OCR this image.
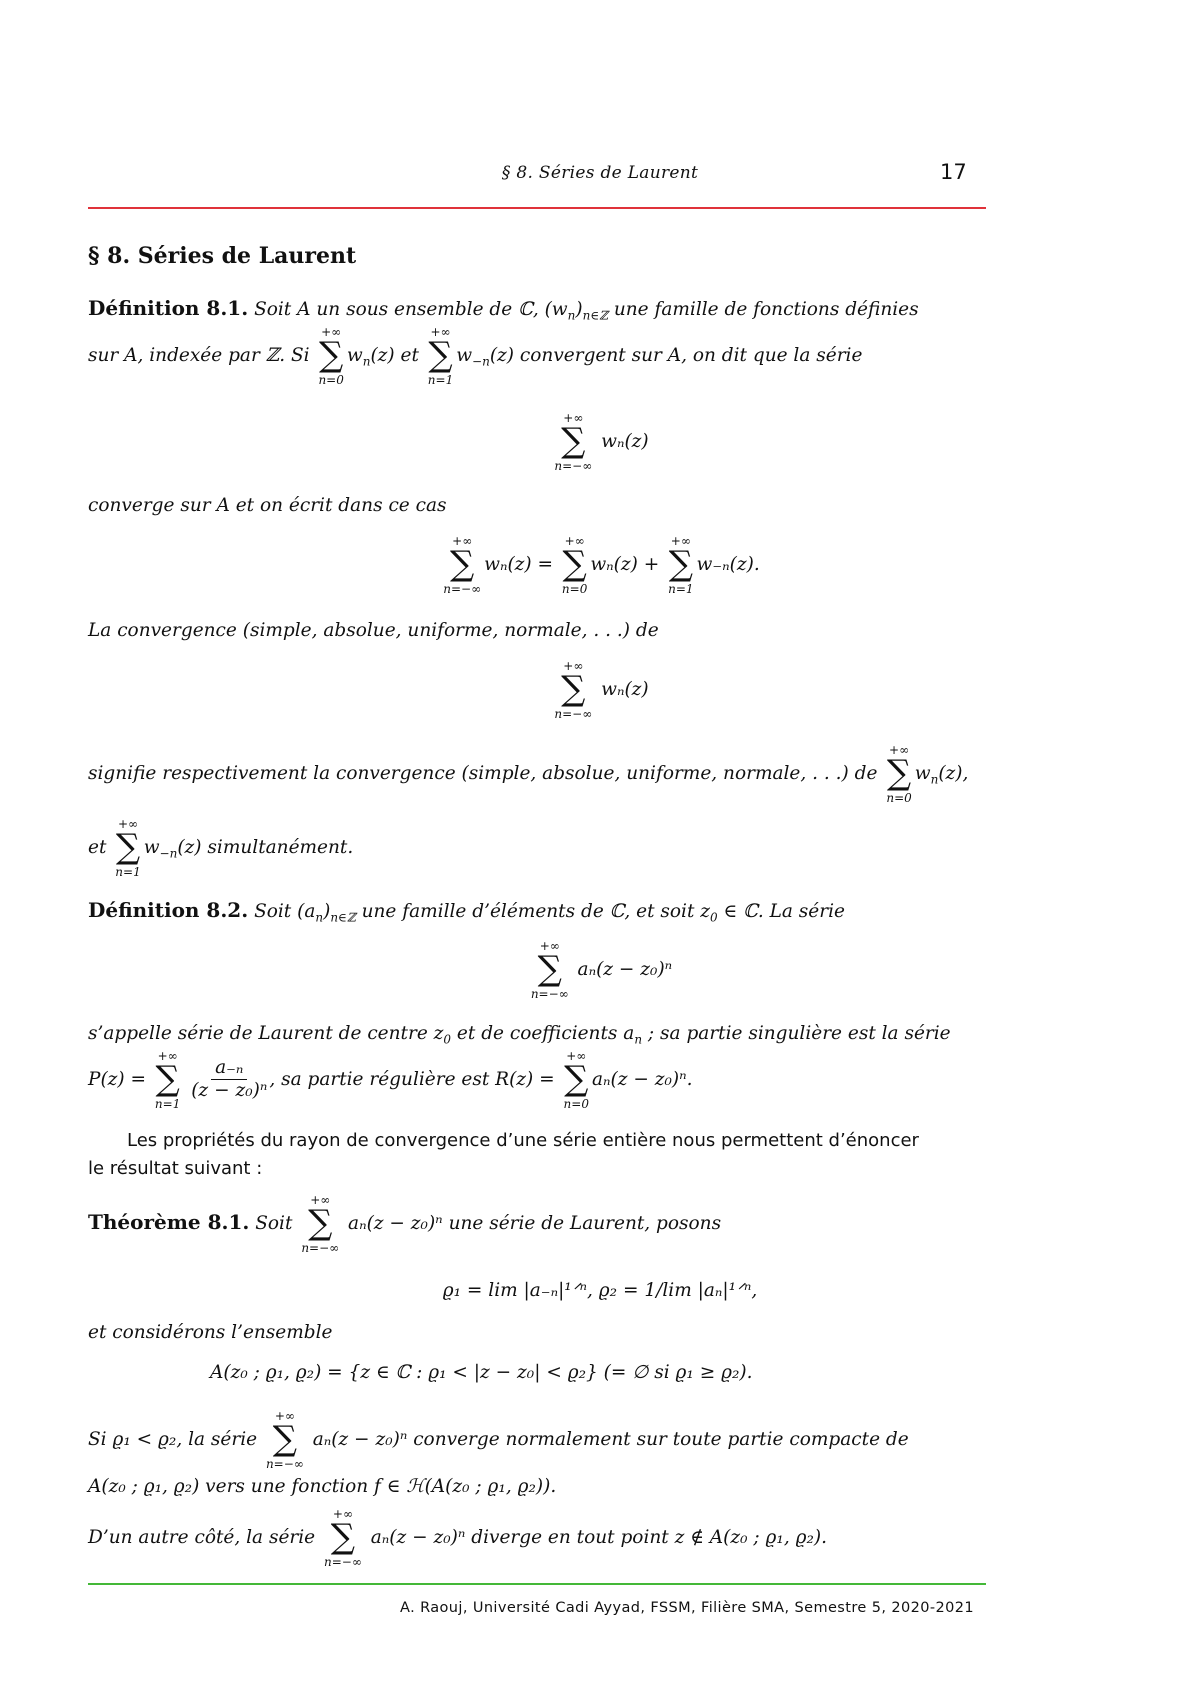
§ 8. Séries de Laurent	17
§ 8. Séries de Laurent
Définition 8.1. Soit A un sous ensemble de ℂ, $(w_n)_{n\in ℤ}$ une famille de fonctions définies
sur A, indexée par ℤ. Si
+∞
∑
n=0
$w_n(z)$ et
+∞
∑
n=1
$w_{-n}(z)$ convergent sur A, on dit que la série
+∞
∑
n=−∞
wₙ(z)
converge sur A et on écrit dans ce cas
+∞
∑
n=−∞
wₙ(z) =
+∞
∑
n=0
wₙ(z) +
+∞
∑
n=1
w₋ₙ(z).
La convergence (simple, absolue, uniforme, normale, . . .) de
+∞
∑
n=−∞
wₙ(z)
signifie respectivement la convergence (simple, absolue, uniforme, normale, . . .) de
+∞
∑
n=0
$w_n(z)$,
et
+∞
∑
n=1
$w_{-n}(z)$ simultanément.
Définition 8.2. Soit $(a_n)_{n\in ℤ}$ une famille d’éléments de ℂ, et soit $z_0$ ∈ ℂ. La série
+∞
∑
n=−∞
aₙ(z − z₀)ⁿ
s’appelle série de Laurent de centre $z_0$ et de coefficients $a_n$ ; sa partie singulière est la série
P(z) =
+∞
∑
n=1

$\frac{\text{a₋ₙ}}{\text{(z − z₀)ⁿ}}$ , sa partie régulière est R(z) =
+∞
∑
n=0
aₙ(z − z₀)ⁿ.
Les propriétés du rayon de convergence d’une série entière nous permettent d’énoncer
le résultat suivant :
Théorème 8.1. Soit
+∞
∑
n=−∞
aₙ(z − z₀)ⁿ une série de Laurent, posons
ϱ₁ = lim |a₋ₙ|¹ᐟⁿ, ϱ₂ = 1/lim |aₙ|¹ᐟⁿ,
et considérons l’ensemble
A(z₀ ; ϱ₁, ϱ₂) = {z ∈ ℂ : ϱ₁ < |z − z₀| < ϱ₂} (= ∅ si ϱ₁ ≥ ϱ₂).
Si ϱ₁ < ϱ₂, la série
+∞
∑
n=−∞
aₙ(z − z₀)ⁿ converge normalement sur toute partie compacte de
A(z₀ ; ϱ₁, ϱ₂) vers une fonction f ∈ ℋ(A(z₀ ; ϱ₁, ϱ₂)).
D’un autre côté, la série
+∞
∑
n=−∞
aₙ(z − z₀)ⁿ diverge en tout point z ∉ A(z₀ ; ϱ₁, ϱ₂).
A. Raouj, Université Cadi Ayyad, FSSM, Filière SMA, Semestre 5, 2020-2021
